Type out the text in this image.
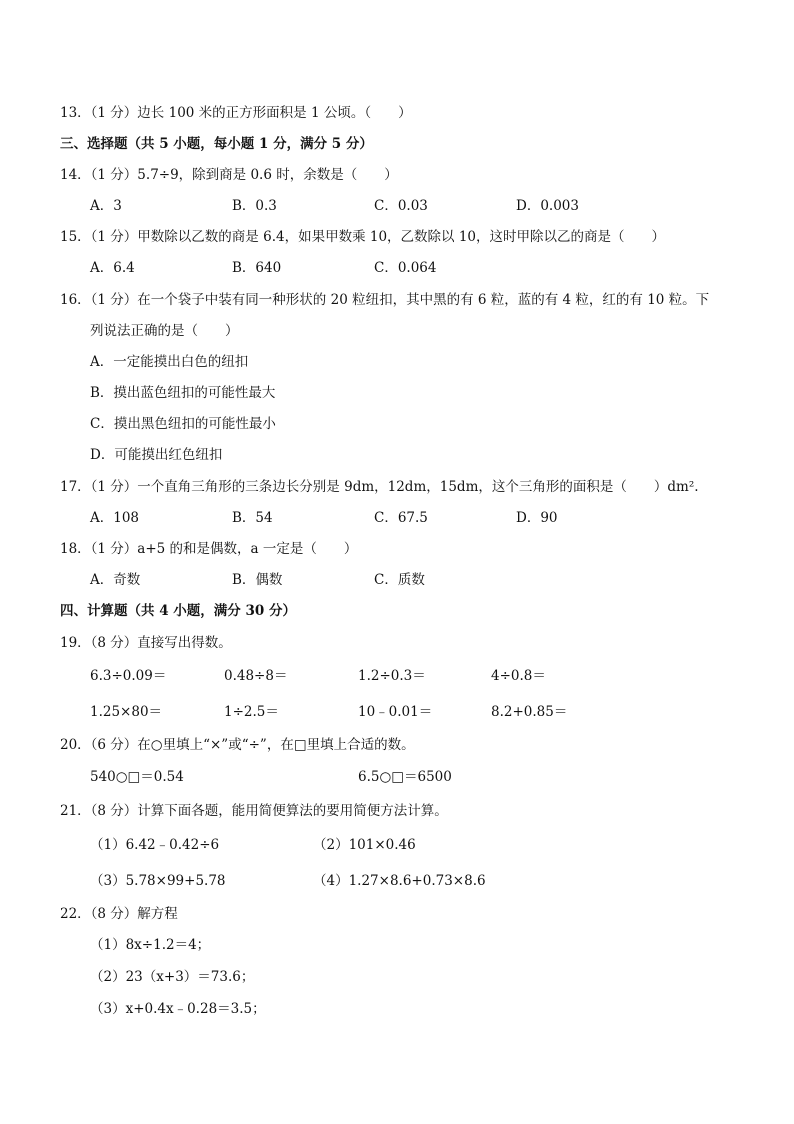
13．（1 分）边长 100 米的正方形面积是 1 公顷。（　　）
三、选择题（共 5 小题，每小题 1 分，满分 5 分）
14．（1 分）5.7÷9，除到商是 0.6 时，余数是（　　）
A．3	B．0.3	C．0.03	D．0.003
15．（1 分）甲数除以乙数的商是 6.4，如果甲数乘 10，乙数除以 10，这时甲除以乙的商是（　　）
A．6.4	B．640	C．0.064
16．（1 分）在一个袋子中装有同一种形状的 20 粒纽扣，其中黑的有 6 粒，蓝的有 4 粒，红的有 10 粒。下
列说法正确的是（　　）
A．一定能摸出白色的纽扣
B．摸出蓝色纽扣的可能性最大
C．摸出黑色纽扣的可能性最小
D．可能摸出红色纽扣
17．（1 分）一个直角三角形的三条边长分别是 9dm，12dm，15dm，这个三角形的面积是（　　）dm².
A．108	B．54	C．67.5	D．90
18．（1 分）a+5 的和是偶数，a 一定是（　　）
A．奇数	B．偶数	C．质数
四、计算题（共 4 小题，满分 30 分）
19．（8 分）直接写出得数。
6.3÷0.09＝	0.48÷8＝	1.2÷0.3＝	4÷0.8＝
1.25×80＝	1÷2.5＝	10﹣0.01＝	8.2+0.85＝
20．（6 分）在○里填上“×”或“÷”，在□里填上合适的数。
540○□＝0.54	6.5○□＝6500
21．（8 分）计算下面各题，能用简便算法的要用简便方法计算。
（1）6.42﹣0.42÷6	（2）101×0.46
（3）5.78×99+5.78	（4）1.27×8.6+0.73×8.6
22．（8 分）解方程
（1）8x÷1.2＝4；
（2）23（x+3）＝73.6；
（3）x+0.4x﹣0.28＝3.5；
